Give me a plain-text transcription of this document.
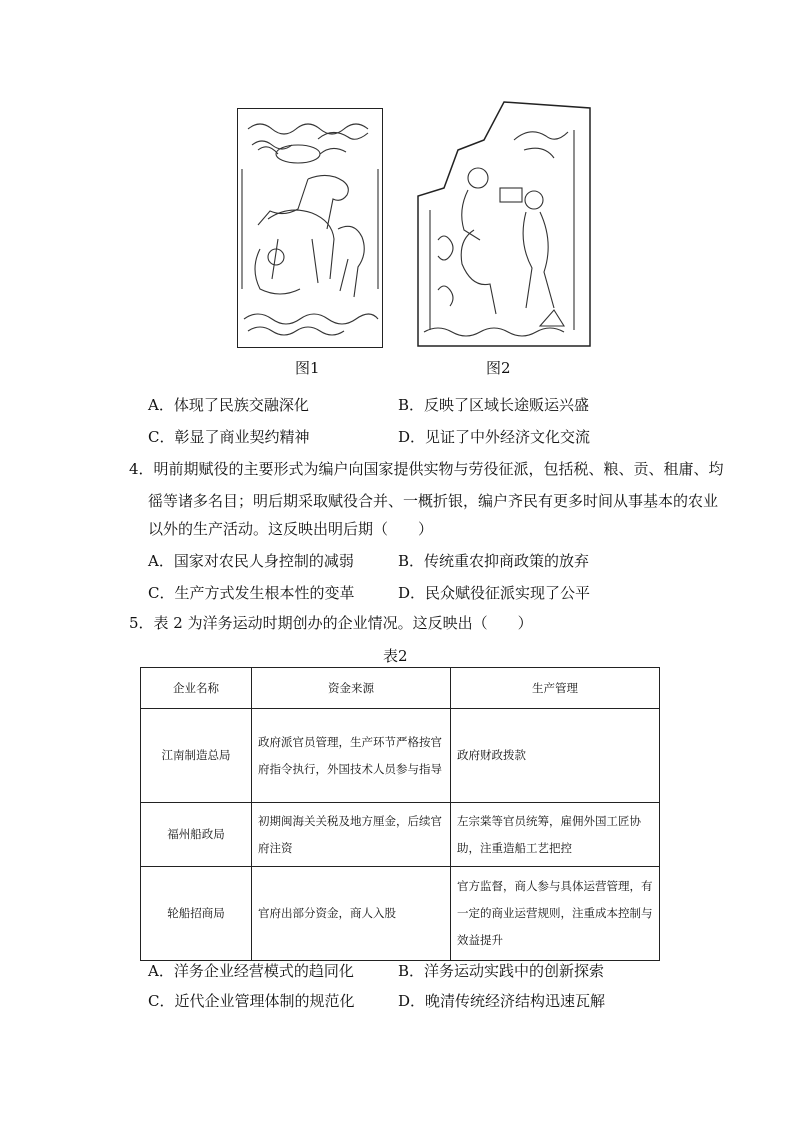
图1	图2
A．体现了民族交融深化	B．反映了区域长途贩运兴盛
C．彰显了商业契约精神	D．见证了中外经济文化交流
4．明前期赋役的主要形式为编户向国家提供实物与劳役征派，包括税、粮、贡、租庸、均
徭等诸多名目；明后期采取赋役合并、一概折银，编户齐民有更多时间从事基本的农业
以外的生产活动。这反映出明后期（　　）
A．国家对农民人身控制的减弱	B．传统重农抑商政策的放弃
C．生产方式发生根本性的变革	D．民众赋役征派实现了公平
5．表 2 为洋务运动时期创办的企业情况。这反映出（　　）
表2
企业名称	资金来源	生产管理
江南制造总局	政府派官员管理，生产环节严格按官府指令执行，外国技术人员参与指导	政府财政拨款
福州船政局	初期闽海关关税及地方厘金，后续官府注资	左宗棠等官员统筹，雇佣外国工匠协助，注重造船工艺把控
轮船招商局	官府出部分资金，商人入股	官方监督，商人参与具体运营管理，有一定的商业运营规则，注重成本控制与效益提升
A．洋务企业经营模式的趋同化	B．洋务运动实践中的创新探索
C．近代企业管理体制的规范化	D．晚清传统经济结构迅速瓦解
